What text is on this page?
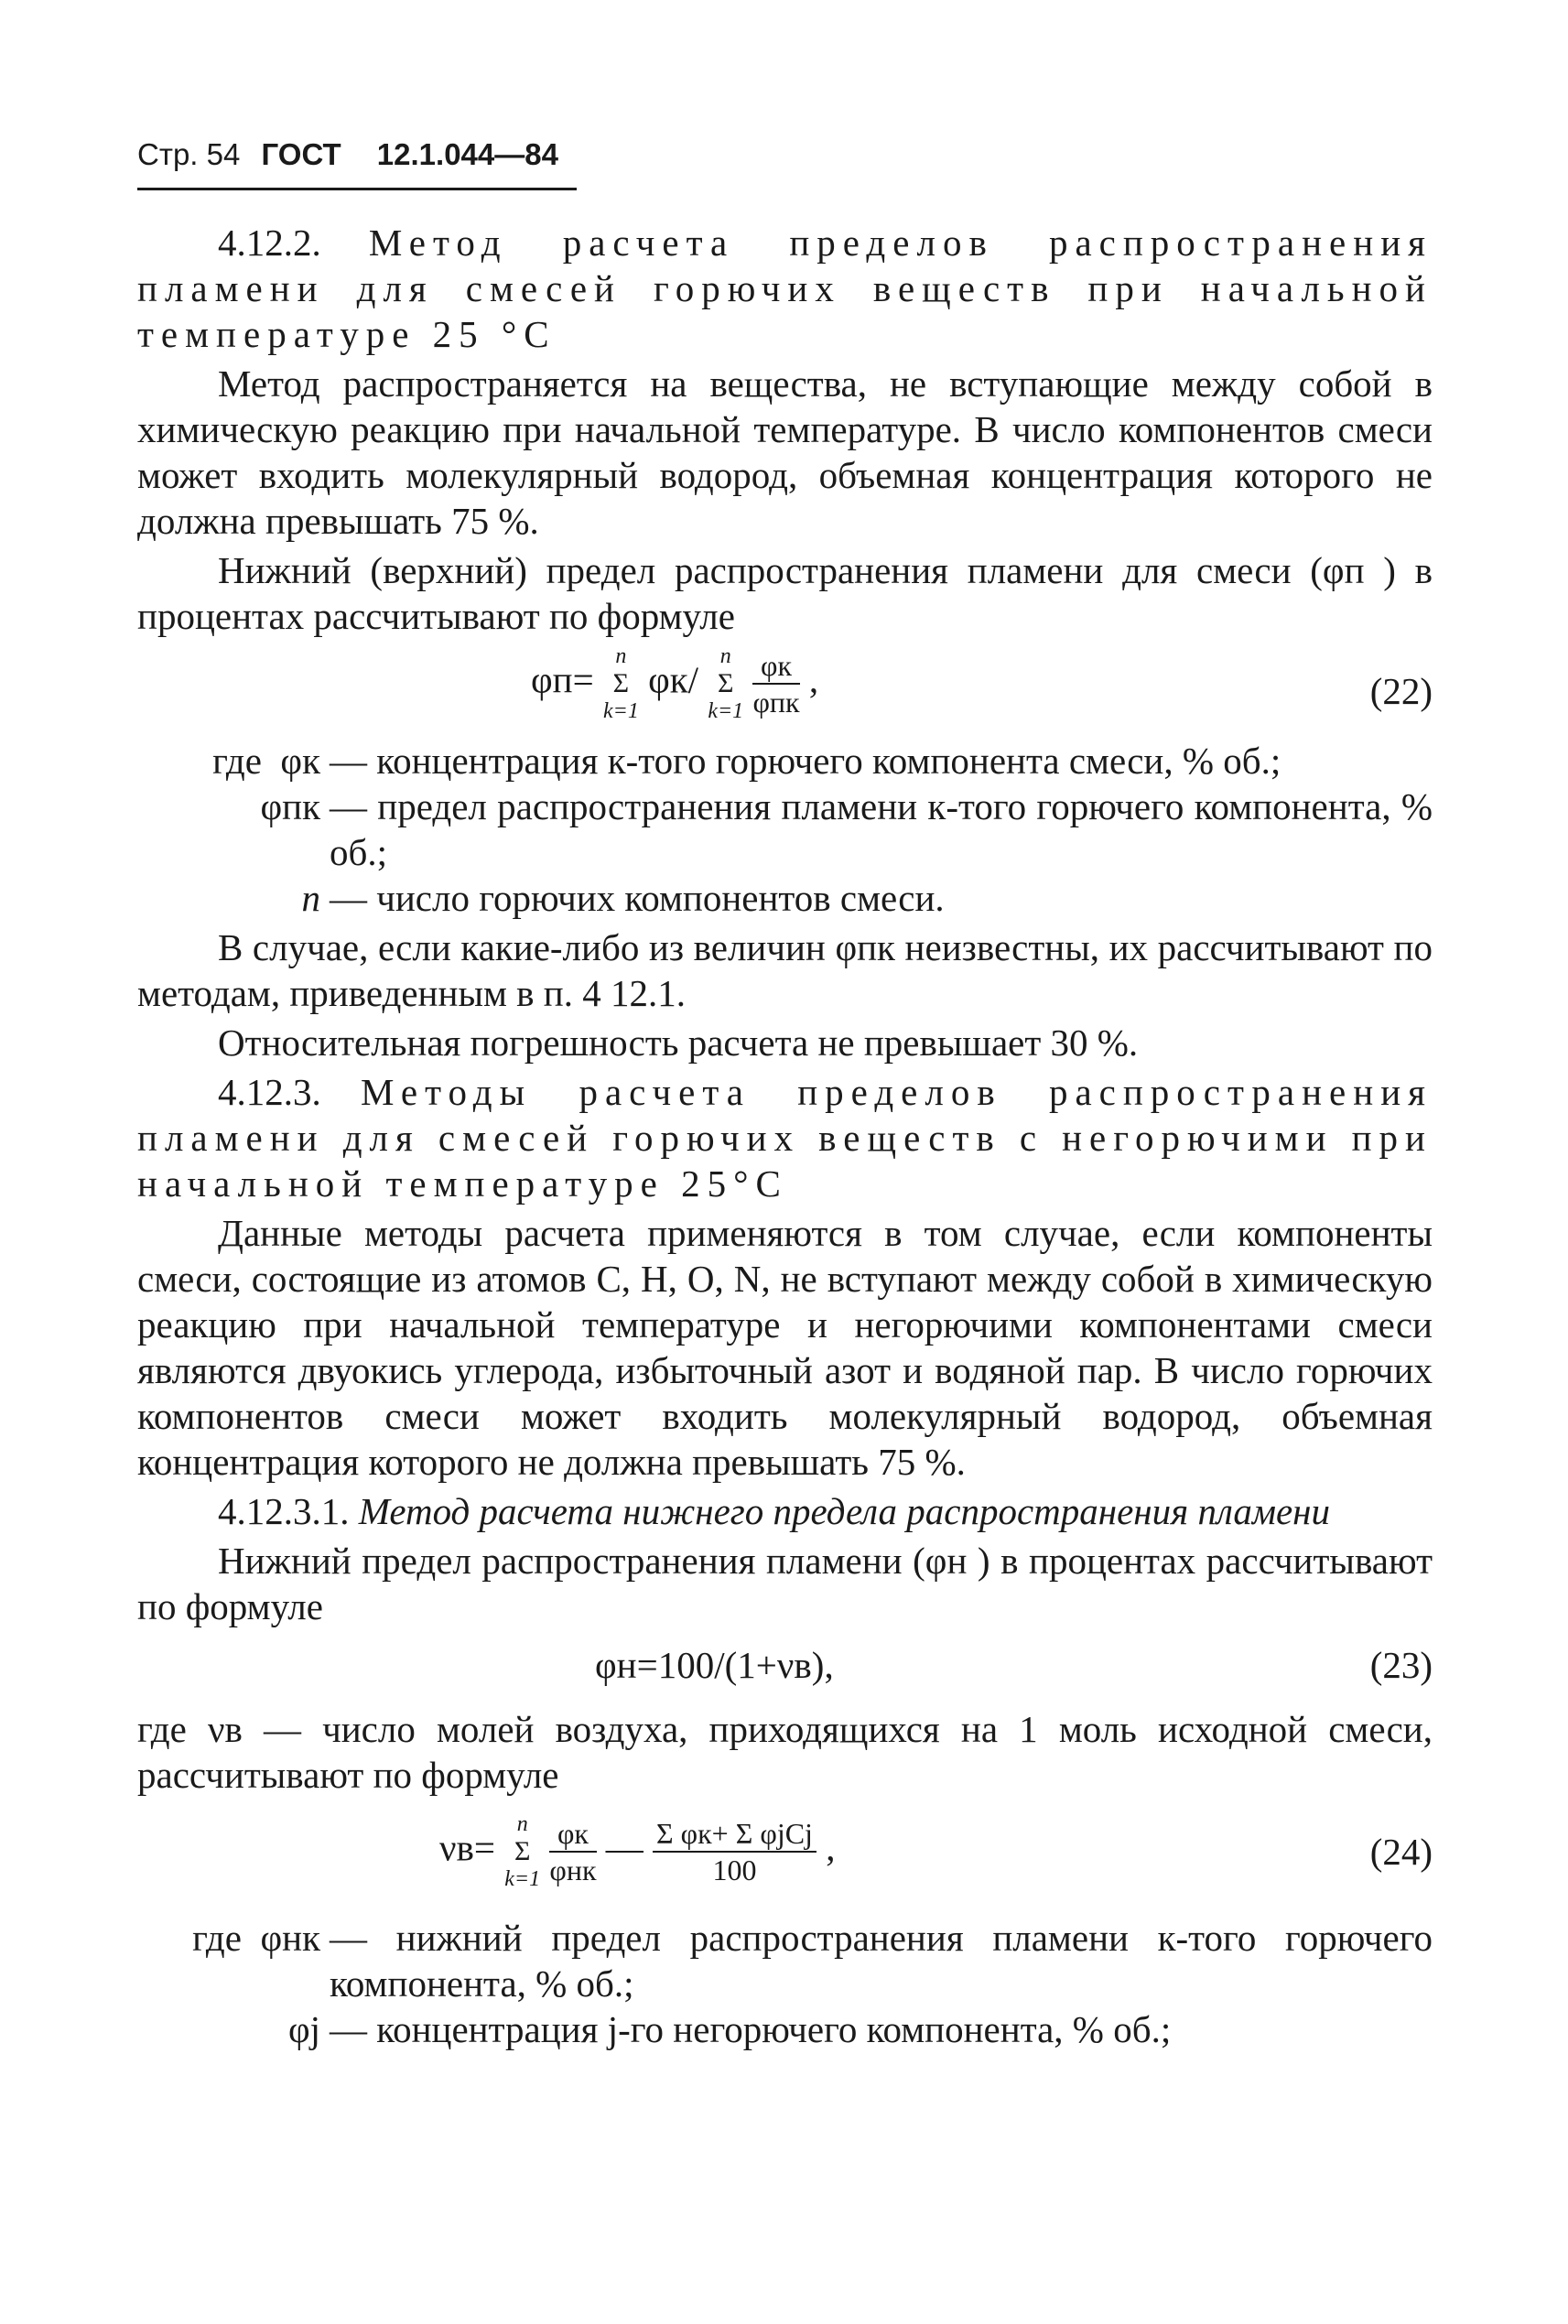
Стр. 54 ГОСТ 12.1.044—84

4.12.2. Метод расчета пределов распространения пламени для смесей горючих веществ при начальной температуре 25 °С

Метод распространяется на вещества, не вступающие между собой в химическую реакцию при начальной температуре. В число компонентов смеси может входить молекулярный водород, объемная концентрация которого не должна превышать 75 %.

Нижний (верхний) предел распространения пламени для смеси (φп ) в процентах рассчитывают по формуле

φп=
n
Σ
k=1
φк/
n
Σ
k=1
$\frac{\varphi к}{\text{φпк}}$ ,	(22)
где φк — концентрация к-того горючего компонента смеси, % об.;
φпк — предел распространения пламени к-того горючего компонента, % об.;
n — число горючих компонентов смеси.

В случае, если какие-либо из величин φпк неизвестны, их рассчитывают по методам, приведенным в п. 4 12.1.

Относительная погрешность расчета не превышает 30 %.

4.12.3. Методы расчета пределов распространения пламени для смесей горючих веществ с негорючими при начальной температуре 25°С

Данные методы расчета применяются в том случае, если компоненты смеси, состоящие из атомов С, Н, О, N, не вступают между собой в химическую реакцию при начальной температуре и негорючими компонентами смеси являются двуокись углерода, избыточный азот и водяной пар. В число горючих компонентов смеси может входить молекулярный водород, объемная концентрация которого не должна превышать 75 %.

4.12.3.1. Метод расчета нижнего предела распространения пламени

Нижний предел распространения пламени (φн ) в процентах рассчитывают по формуле

φн=100/(1+νв),	(23)

где νв — число молей воздуха, приходящихся на 1 моль исходной смеси, рассчитывают по формуле

νв=
n
Σ
k=1
$\frac{\varphi к}{\text{φнк}}$ — $\frac{\text{Σ φк+ Σ φjCj}}{100}$ ,	(24)
где φнк — нижний предел распространения пламени к-того горючего компонента, % об.;
φj — концентрация j-го негорючего компонента, % об.;
